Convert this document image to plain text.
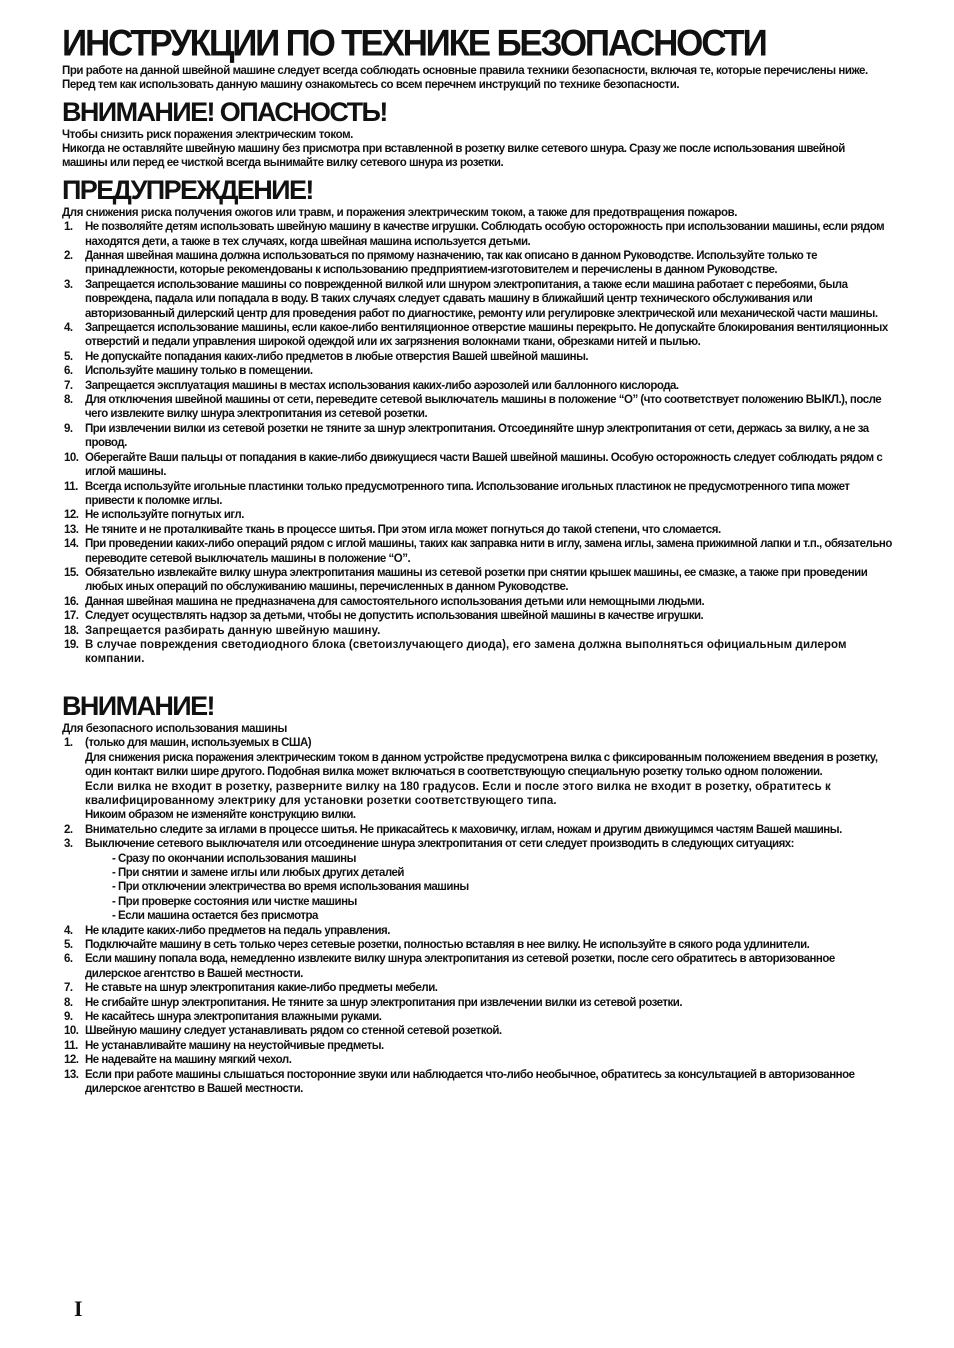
ИНСТРУКЦИИ ПО ТЕХНИКЕ БЕЗОПАСНОСТИ
При работе на данной швейной машине следует всегда соблюдать основные правила техники безопасности, включая те, которые перечислены ниже.
Перед тем как использовать данную машину ознакомьтесь со всем перечнем инструкций по технике безопасности.
ВНИМАНИЕ! ОПАСНОСТЬ!
Чтобы снизить риск поражения электрическим током.
Никогда не оставляйте швейную машину без присмотра при вставленной в розетку вилке сетевого шнура. Сразу же после использования швейной машины или перед ее чисткой всегда вынимайте вилку сетевого шнура из розетки.
ПРЕДУПРЕЖДЕНИЕ!
Для снижения риска получения ожогов или травм, и поражения электрическим током, а также для предотвращения пожаров.
1. Не позволяйте детям использовать швейную машину в качестве игрушки. Соблюдать особую осторожность при использовании машины, если рядом находятся дети, а также в тех случаях, когда швейная машина используется детьми.
2. Данная швейная машина должна использоваться по прямому назначению, так как описано в данном Руководстве. Используйте только те принадлежности, которые рекомендованы к использованию предприятием-изготовителем и перечислены в данном Руководстве.
3. Запрещается использование машины со поврежденной вилкой или шнуром электропитания, а также если машина работает с перебоями, была повреждена, падала или попадала в воду. В таких случаях следует сдавать машину в ближайший центр технического обслуживания или авторизованный дилерский центр для проведения работ по диагностике, ремонту или регулировке электрической или механической части машины.
4. Запрещается использование машины, если какое-либо вентиляционное отверстие машины перекрыто. Не допускайте блокирования вентиляционных отверстий и педали управления широкой одеждой или их загрязнения волокнами ткани, обрезками нитей и пылью.
5. Не допускайте попадания каких-либо предметов в любые отверстия Вашей швейной машины.
6. Используйте машину только в помещении.
7. Запрещается эксплуатация машины в местах использования каких-либо аэрозолей или баллонного кислорода.
8. Для отключения швейной машины от сети, переведите сетевой выключатель машины в положение “O” (что соответствует положению ВЫКЛ.), после чего извлеките вилку шнура электропитания из сетевой розетки.
9. При извлечении вилки из сетевой розетки не тяните за шнур электропитания. Отсоединяйте шнур электропитания от сети, держась за вилку, а не за провод.
10. Оберегайте Ваши пальцы от попадания в какие-либо движущиеся части Вашей швейной машины. Особую осторожность следует соблюдать рядом с иглой машины.
11. Всегда используйте игольные пластинки только предусмотренного типа. Использование игольных пластинок не предусмотренного типа может привести к поломке иглы.
12. Не используйте погнутых игл.
13. Не тяните и не проталкивайте ткань в процессе шитья. При этом игла может погнуться до такой степени, что сломается.
14. При проведении каких-либо операций рядом с иглой машины, таких как заправка нити в иглу, замена иглы, замена прижимной лапки и т.п., обязательно переводите сетевой выключатель машины в положение “O”.
15. Обязательно извлекайте вилку шнура электропитания машины из сетевой розетки при снятии крышек машины, ее смазке, а также при проведении любых иных операций по обслуживанию машины, перечисленных в данном Руководстве.
16. Данная швейная машина не предназначена для самостоятельного использования детьми или немощными людьми.
17. Следует осуществлять надзор за детьми, чтобы не допустить использования швейной машины в качестве игрушки.
18. Запрещается разбирать данную швейную машину.
19. В случае повреждения светодиодного блока (светоизлучающего диода), его замена должна выполняться официальным дилером компании.
ВНИМАНИЕ!
Для безопасного использования машины
1. (только для машин, используемых в США)
Для снижения риска поражения электрическим током в данном устройстве предусмотрена вилка с фиксированным положением введения в розетку, один контакт вилки шире другого. Подобная вилка может включаться в соответствующую специальную розетку только одном положении.
Если вилка не входит в розетку, разверните вилку на 180 градусов. Если и после этого вилка не входит в розетку, обратитесь к квалифицированному электрику для установки розетки соответствующего типа.
Никоим образом не изменяйте конструкцию вилки.
2. Внимательно следите за иглами в процессе шитья. Не прикасайтесь к маховичку, иглам, ножам и другим движущимся частям Вашей машины.
3. Выключение сетевого выключателя или отсоединение шнура электропитания от сети следует производить в следующих ситуациях:
- Сразу по окончании использования машины
- При снятии и замене иглы или любых других деталей
- При отключении электричества во время использования машины
- При проверке состояния или чистке машины
- Если машина остается без присмотра
4. Не кладите каких-либо предметов на педаль управления.
5. Подключайте машину в сеть только через сетевые розетки, полностью вставляя в нее вилку. Не используйте в сякого рода удлинители.
6. Если машину попала вода, немедленно извлеките вилку шнура электропитания из сетевой розетки, после сего обратитесь в авторизованное дилерское агентство в Вашей местности.
7. Не ставьте на шнур электропитания какие-либо предметы мебели.
8. Не сгибайте шнур электропитания. Не тяните за шнур электропитания при извлечении вилки из сетевой розетки.
9. Не касайтесь шнура электропитания влажными руками.
10. Швейную машину следует устанавливать рядом со стенной сетевой розеткой.
11. Не устанавливайте машину на неустойчивые предметы.
12. Не надевайте на машину мягкий чехол.
13. Если при работе машины слышаться посторонние звуки или наблюдается что-либо необычное, обратитесь за консультацией в авторизованное дилерское агентство в Вашей местности.
I
